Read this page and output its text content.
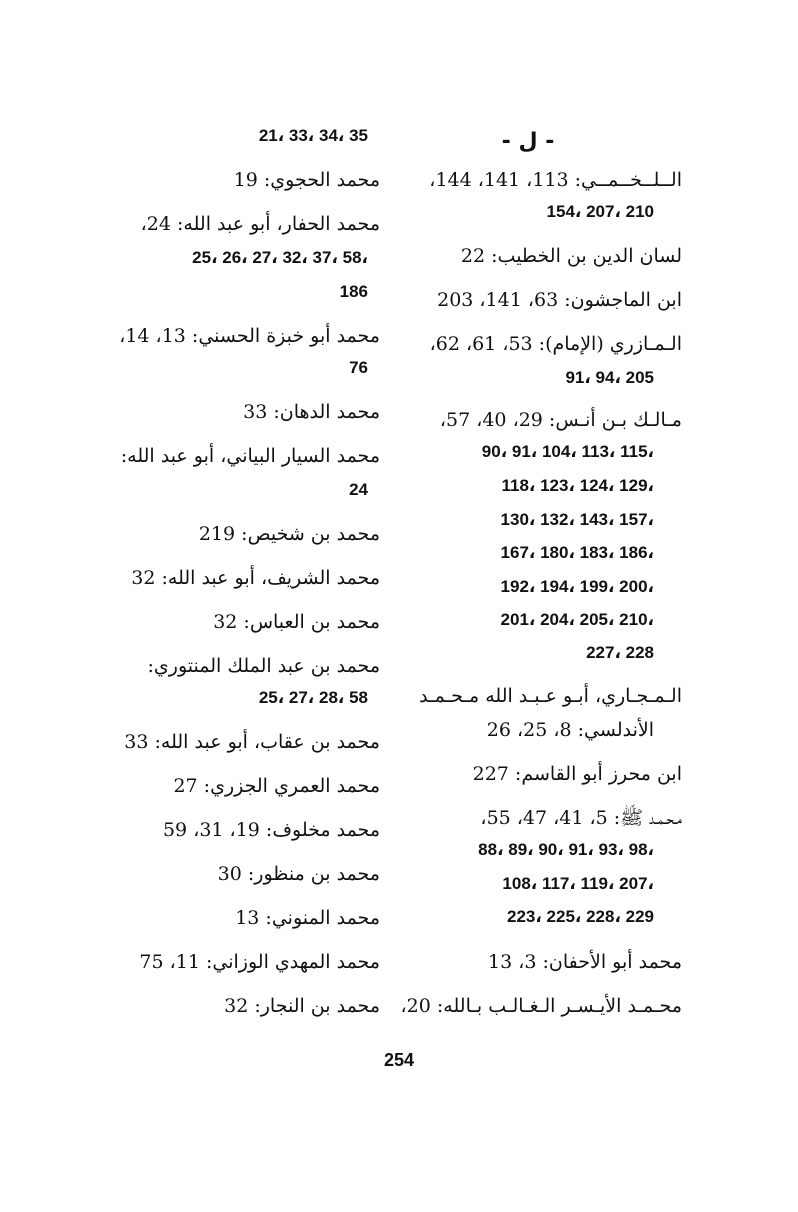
- ل -
الــلــخــمــي: 113، 141، 144،
154، 207، 210
لسان الدين بن الخطيب: 22
ابن الماجشون: 63، 141، 203
الـمـازري (الإمام): 53، 61، 62،
91، 94، 205
مـالـك بـن أنـس: 29، 40، 57،
90، 91، 104، 113، 115،
118، 123، 124، 129،
130، 132، 143، 157،
167، 180، 183، 186،
192، 194، 199، 200،
201، 204، 205، 210،
227، 228
الـمـجـاري، أبـو عـبـد الله مـحـمـد
الأندلسي: 8، 25، 26
ابن محرز أبو القاسم: 227
مـحـمـد ﷺ: 5، 41، 47، 55،
88، 89، 90، 91، 93، 98،
108، 117، 119، 207،
223، 225، 228، 229
محمد أبو الأحفان: 3، 13
محـمـد الأيـسـر الـغـالـب بـالله: 20،
21، 33، 34، 35
محمد الحجوي: 19
محمد الحفار، أبو عبد الله: 24،
25، 26، 27، 32، 37، 58،
186
محمد أبو خبزة الحسني: 13، 14،
76
محمد الدهان: 33
محمد السيار البياني، أبو عبد الله:
24
محمد بن شخيص: 219
محمد الشريف، أبو عبد الله: 32
محمد بن العباس: 32
محمد بن عبد الملك المنتوري:
25، 27، 28، 58
محمد بن عقاب، أبو عبد الله: 33
محمد العمري الجزري: 27
محمد مخلوف: 19، 31، 59
محمد بن منظور: 30
محمد المنوني: 13
محمد المهدي الوزاني: 11، 75
محمد بن النجار: 32
254
